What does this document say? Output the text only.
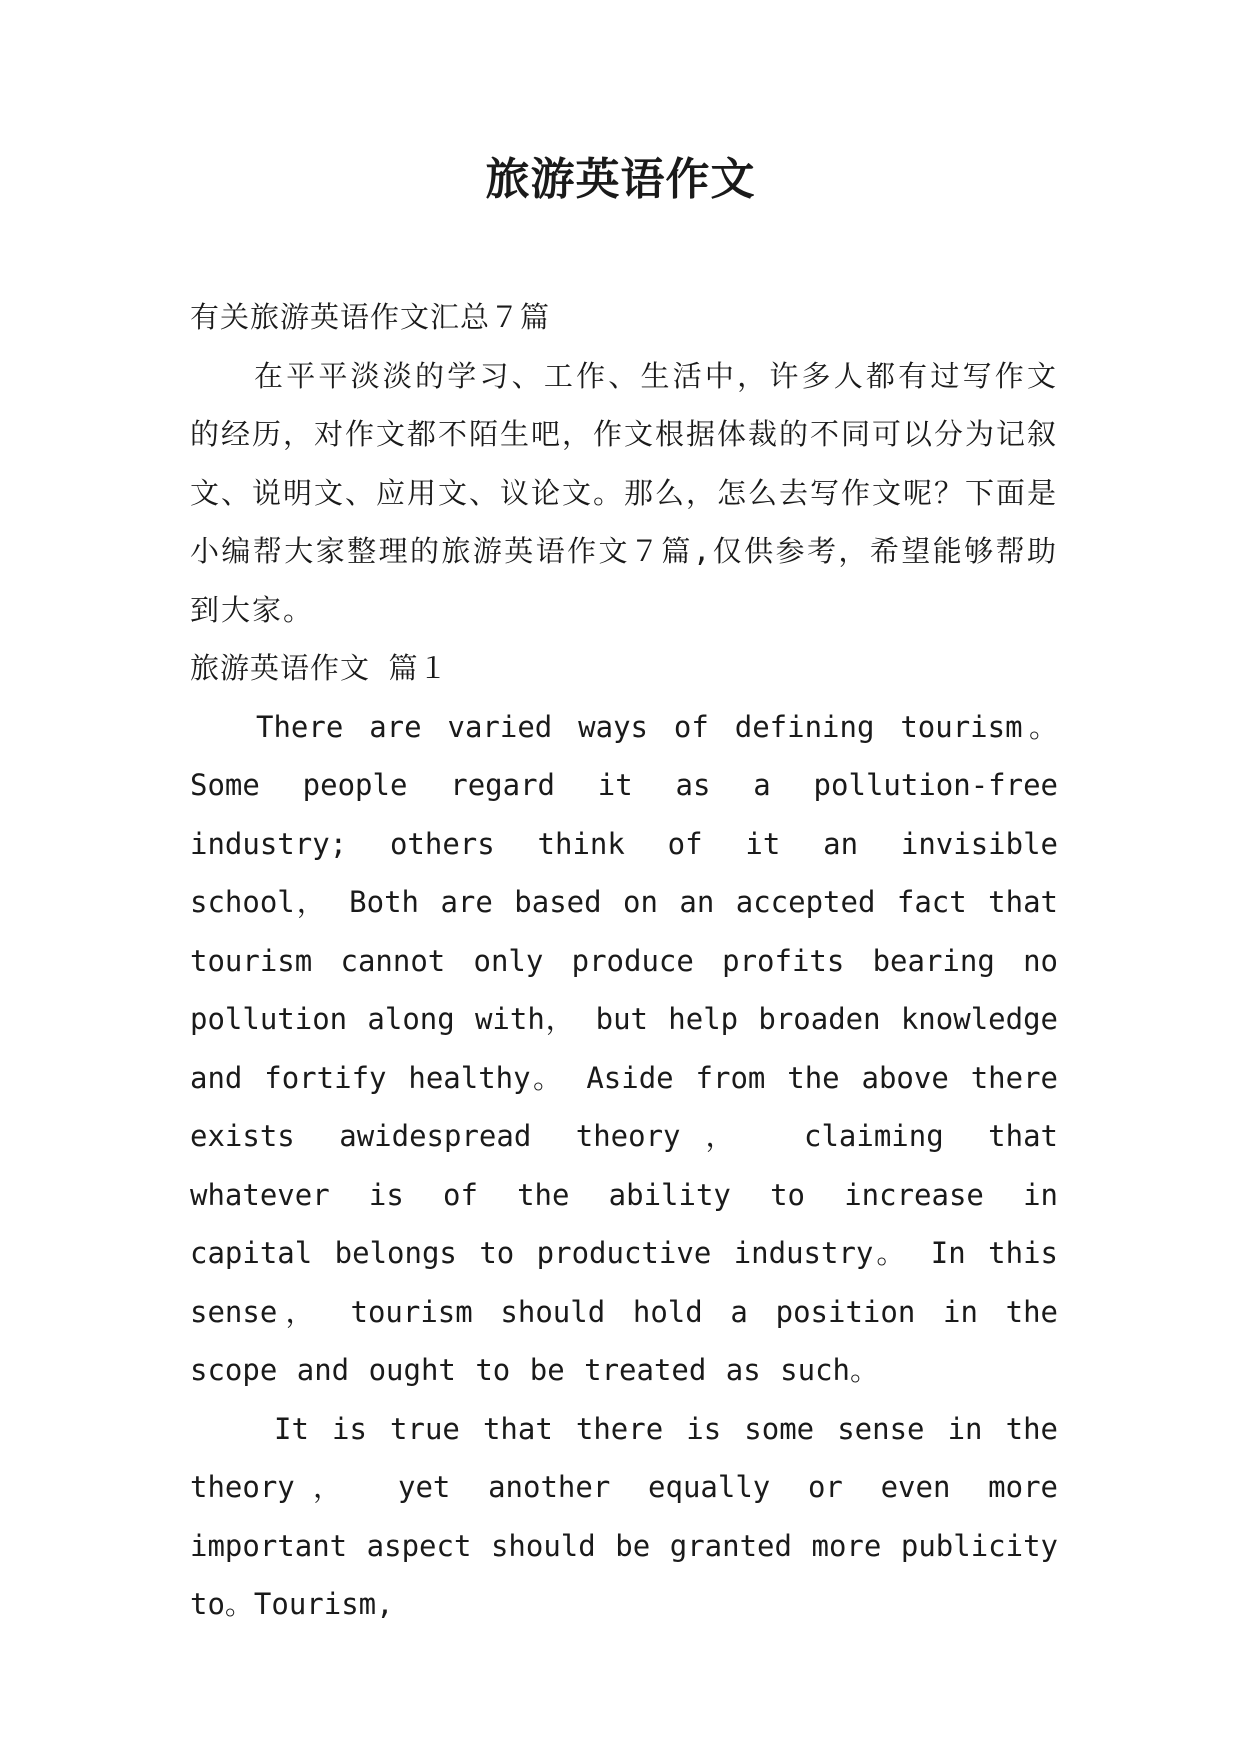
旅游英语作文

有关旅游英语作文汇总７篇

在平平淡淡的学习、工作、生活中，许多人都有过写作文的经历，对作文都不陌生吧，作文根据体裁的不同可以分为记叙文、说明文、应用文、议论文。那么，怎么去写作文呢？下面是小编帮大家整理的旅游英语作文７篇,仅供参考，希望能够帮助到大家。

旅游英语作文 篇１

There are varied ways of defining tourism。 Some people regard it as a pollution-free industry; others think of it an invisible school， Both are based on an accepted fact that tourism cannot only produce profits bearing no pollution along with， but help broaden knowledge and fortify healthy。 Aside from the above there exists awidespread theory， claiming that whatever is of the ability to increase in capital belongs to productive industry。 In this sense， tourism should hold a position in the scope and ought to be treated as such。

It is true that there is some sense in the theory， yet another equally or even more important aspect should be granted more publicity to。Tourism,
